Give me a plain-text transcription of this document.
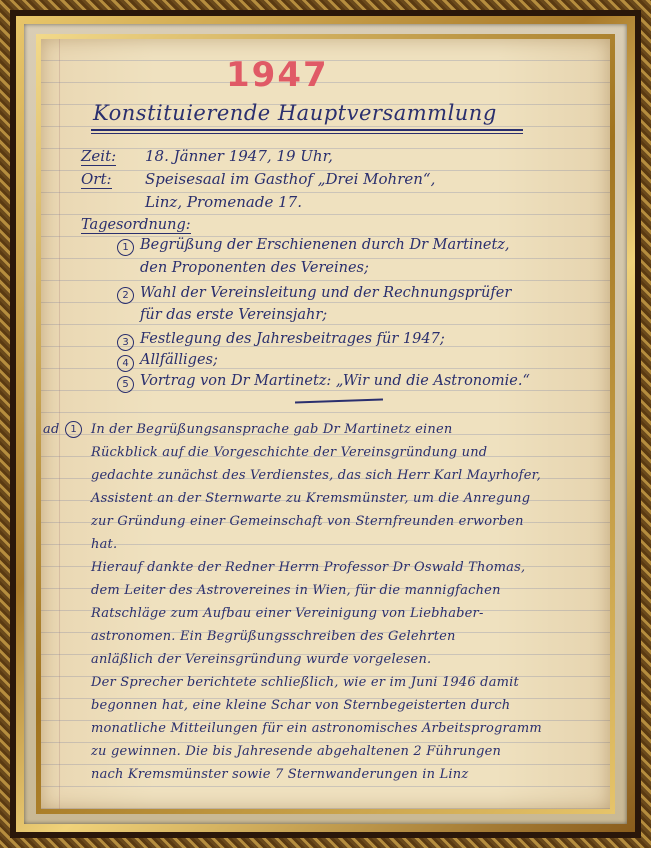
1947
Konstituierende Hauptversammlung
Zeit: 18. Jänner 1947, 19 Uhr,
Ort: Speisesaal im Gasthof „Drei Mohren“,
Linz, Promenade 17.
Tagesordnung:
1 Begrüßung der Erschienenen durch Dr Martinetz,
den Proponenten des Vereines;
2 Wahl der Vereinsleitung und der Rechnungsprüfer
für das erste Vereinsjahr;
3 Festlegung des Jahresbeitrages für 1947;
4 Allfälliges;
5 Vortrag von Dr Martinetz: „Wir und die Astronomie.“
ad	1	In der Begrüßungsansprache gab Dr Martinetz einen
Rückblick auf die Vorgeschichte der Vereinsgründung und
gedachte zunächst des Verdienstes, das sich Herr Karl Mayrhofer,
Assistent an der Sternwarte zu Kremsmünster, um die Anregung
zur Gründung einer Gemeinschaft von Sternfreunden erworben
hat.
Hierauf dankte der Redner Herrn Professor Dr Oswald Thomas,
dem Leiter des Astrovereines in Wien, für die mannigfachen
Ratschläge zum Aufbau einer Vereinigung von Liebhaber-
astronomen. Ein Begrüßungsschreiben des Gelehrten
anläßlich der Vereinsgründung wurde vorgelesen.
Der Sprecher berichtete schließlich, wie er im Juni 1946 damit
begonnen hat, eine kleine Schar von Sternbegeisterten durch
monatliche Mitteilungen für ein astronomisches Arbeitsprogramm
zu gewinnen. Die bis Jahresende abgehaltenen 2 Führungen
nach Kremsmünster sowie 7 Sternwanderungen in Linz
